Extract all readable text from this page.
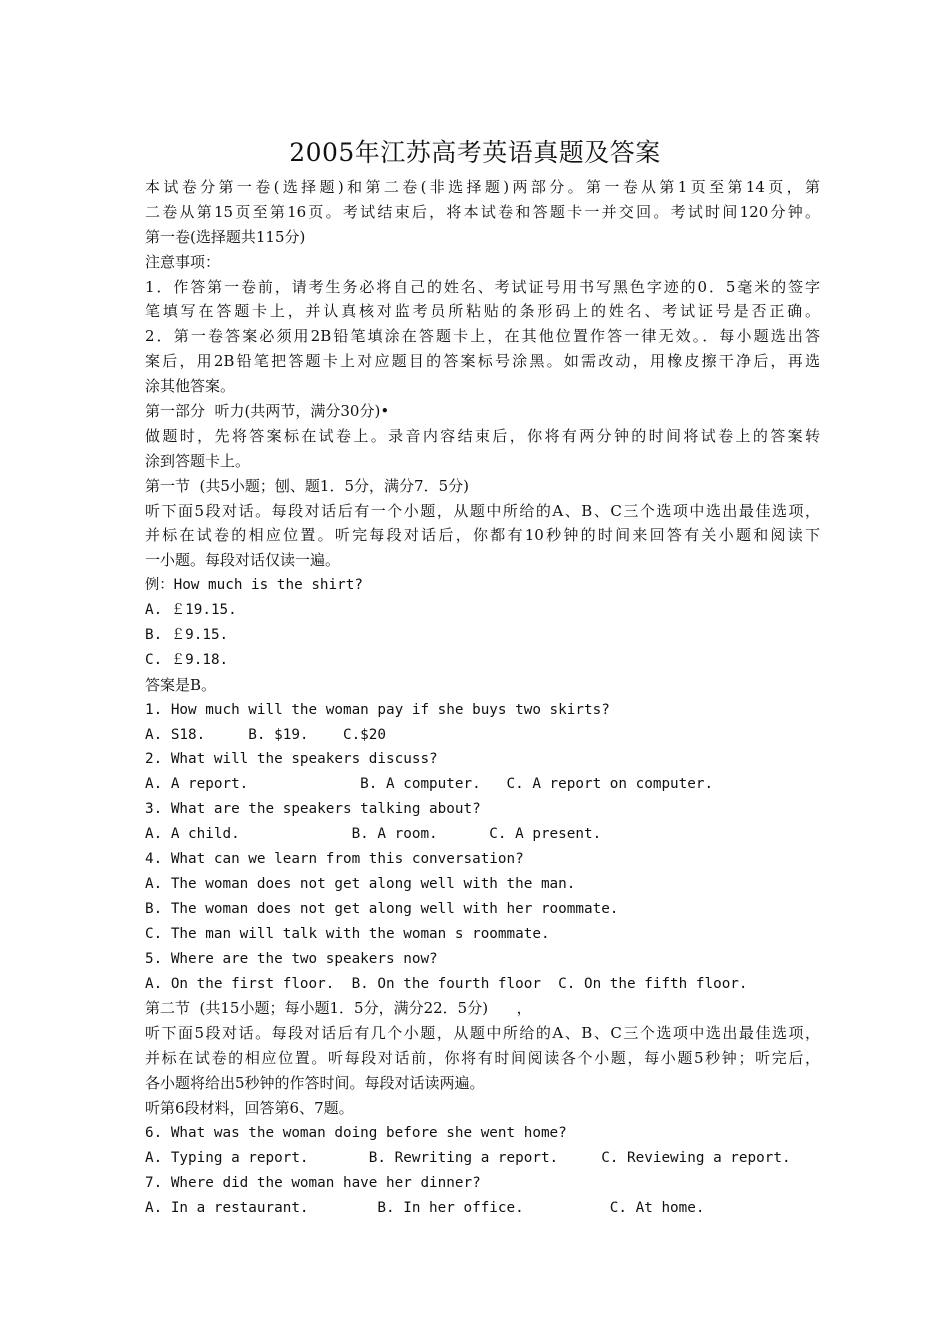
2005年江苏高考英语真题及答案
本试卷分第一卷(选择题)和第二卷(非选择题)两部分。第一卷从第1页至第14页，第
二卷从第15页至第16页。考试结束后，将本试卷和答题卡一并交回。考试时间120分钟。
第一卷(选择题共115分)
注意事项：
1．作答第一卷前，请考生务必将自己的姓名、考试证号用书写黑色字迹的0．5毫米的签字
笔填写在答题卡上，并认真核对监考员所粘贴的条形码上的姓名、考试证号是否正确。
2．第一卷答案必须用2B铅笔填涂在答题卡上，在其他位置作答一律无效。．每小题选出答
案后，用2B铅笔把答题卡上对应题目的答案标号涂黑。如需改动，用橡皮擦干净后，再选
涂其他答案。
第一部分  听力(共两节，满分30分)•
做题时，先将答案标在试卷上。录音内容结束后，你将有两分钟的时间将试卷上的答案转
涂到答题卡上。
第一节  (共5小题；刨、题1．5分，满分7．5分)
听下面5段对话。每段对话后有一个小题，从题中所给的A、B、C三个选项中选出最佳选项，
并标在试卷的相应位置。听完每段对话后，你都有10秒钟的时间来回答有关小题和阅读下
一小题。每段对话仅读一遍。
例：How much is the shirt?
A. ￡19.15.
B. ￡9.15.
C. ￡9.18.
答案是B。
1. How much will the woman pay if she buys two skirts?
A. S18.     B. $19.    C.$20
2. What will the speakers discuss?
A. A report.             B. A computer.   C. A report on computer.
3. What are the speakers talking about?
A. A child.             B. A room.      C. A present.
4. What can we learn from this conversation?
A. The woman does not get along well with the man.
B. The woman does not get along well with her roommate.
C. The man will talk with the woman s roommate.
5. Where are the two speakers now?
A. On the first floor.  B. On the fourth floor  C. On the fifth floor.
第二节  (共15小题；每小题1．5分，满分22．5分)      ，
听下面5段对话。每段对话后有几个小题，从题中所给的A、B、C三个选项中选出最佳选项，
并标在试卷的相应位置。听每段对话前，你将有时间阅读各个小题，每小题5秒钟；听完后，
各小题将给出5秒钟的作答时间。每段对话读两遍。
听第6段材料，回答第6、7题。
6. What was the woman doing before she went home?
A. Typing a report.       B. Rewriting a report.     C. Reviewing a report.
7. Where did the woman have her dinner?
A. In a restaurant.        B. In her office.          C. At home.
